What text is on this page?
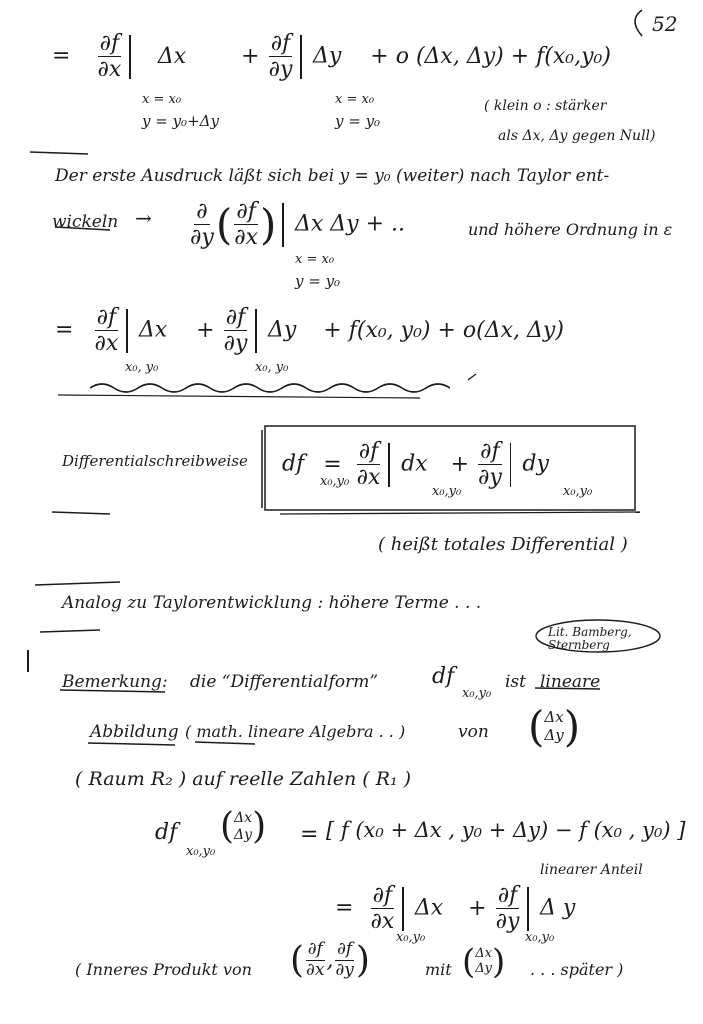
52
= $\frac{\partial f}{\partial x}$ Δx	+ $\frac{\partial f}{\partial y}$ Δy + o (Δx, Δy) + f(x₀,y₀)
x = x₀
y = y₀+Δy
x = x₀
y = y₀
( klein o : stärker
als Δx, Δy gegen Null)
Der erste Ausdruck läßt sich bei y = y₀ (weiter) nach Taylor ent-
wickeln → $\frac{\partial}{\partial y}$ ( $\frac{\partial f}{\partial x}$ ) Δx Δy + ..	und höhere Ordnung in ε
x = x₀
y = y₀
= $\frac{\partial f}{\partial x}$ $\Delta x + \frac{\partial f}{\partial y}$ Δy + f(x₀, y₀) + o(Δx, Δy)
x₀, y₀	x₀, y₀
Differentialschreibweise df = $\frac{\partial f}{\partial x}$ dx + $\frac{\partial f}{\partial y}$ dy
x₀,y₀
x₀,y₀	x₀,y₀
( heißt totales Differential )
Analog zu Taylorentwicklung : höhere Terme . . .
Lit. Bamberg, Sternberg
Bemerkung: die “Differentialform” df
x₀,y₀
ist lineare
Abbildung ( math. lineare Algebra . . )	von ( Δx
Δy )
( Raum R₂ ) auf reelle Zahlen ( R₁ )
df
x₀,y₀
( Δx
Δy ) = [ f (x₀ + Δx , y₀ + Δy) − f (x₀ , y₀) ]
linearer Anteil
= $\frac{\partial f}{\partial x}$ $\Delta x + \frac{\partial f}{\partial y}$ Δ y
x₀,y₀	x₀,y₀
( Inneres Produkt von ( $\frac{\partial f}{\partial x}$ , $\frac{\partial f}{\partial y}$ )	mit ( Δx
Δy ) . . . später )
